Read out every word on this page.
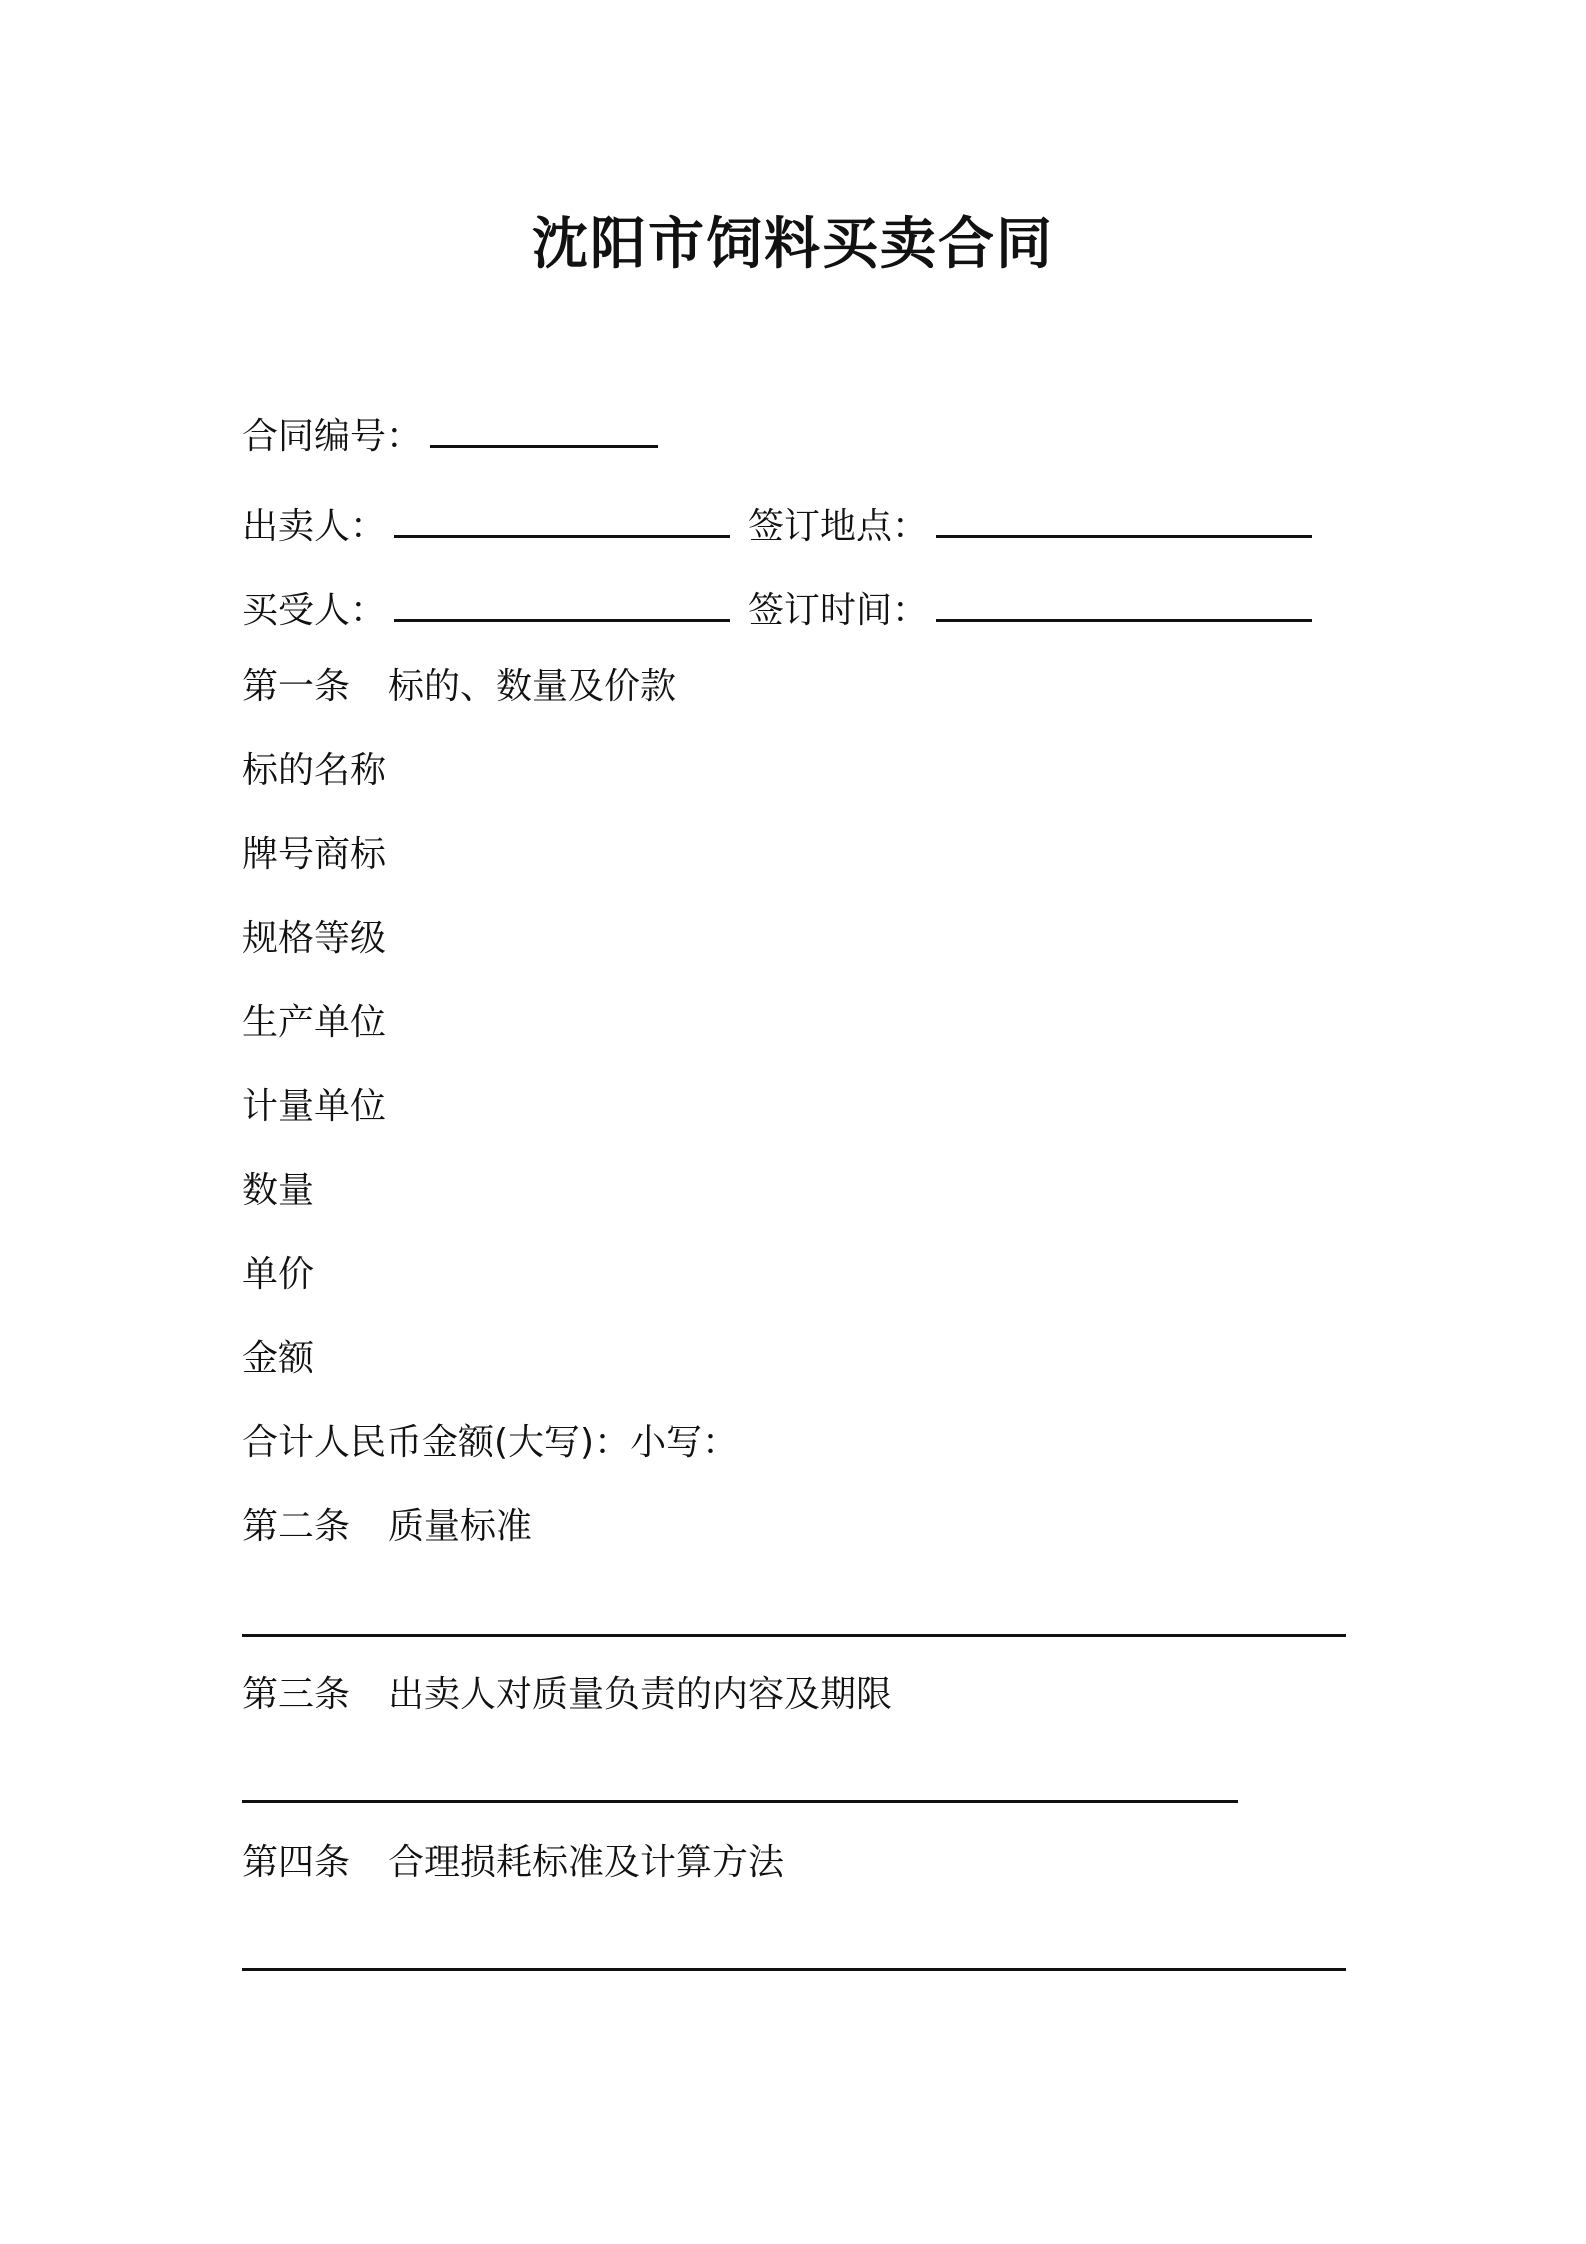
沈阳市饲料买卖合同
合同编号：
出卖人：	签订地点：
买受人：	签订时间：
第一条 标的、数量及价款
标的名称
牌号商标
规格等级
生产单位
计量单位
数量
单价
金额
合计人民币金额(大写)：小写：
第二条 质量标准
第三条 出卖人对质量负责的内容及期限
第四条 合理损耗标准及计算方法
